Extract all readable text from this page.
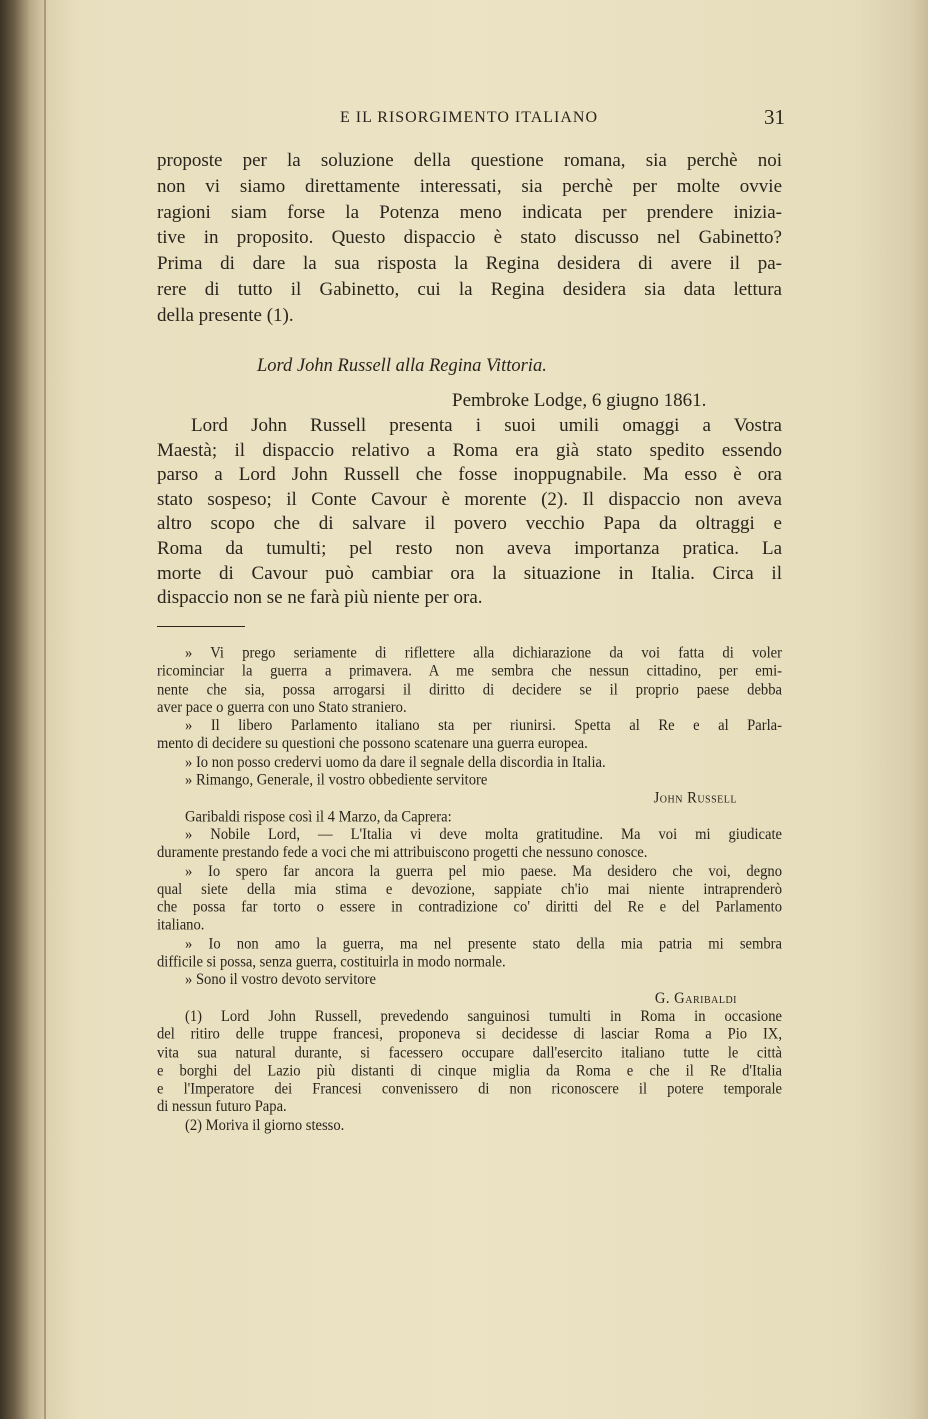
E IL RISORGIMENTO ITALIANO	31
proposte per la soluzione della questione romana, sia perchè noi
non vi siamo direttamente interessati, sia perchè per molte ovvie
ragioni siam forse la Potenza meno indicata per prendere inizia-
tive in proposito. Questo dispaccio è stato discusso nel Gabinetto?
Prima di dare la sua risposta la Regina desidera di avere il pa-
rere di tutto il Gabinetto, cui la Regina desidera sia data lettura
della presente (1).
Lord John Russell alla Regina Vittoria.
Pembroke Lodge, 6 giugno 1861.
Lord John Russell presenta i suoi umili omaggi a Vostra
Maestà; il dispaccio relativo a Roma era già stato spedito essendo
parso a Lord John Russell che fosse inoppugnabile. Ma esso è ora
stato sospeso; il Conte Cavour è morente (2). Il dispaccio non aveva
altro scopo che di salvare il povero vecchio Papa da oltraggi e
Roma da tumulti; pel resto non aveva importanza pratica. La
morte di Cavour può cambiar ora la situazione in Italia. Circa il
dispaccio non se ne farà più niente per ora.
» Vi prego seriamente di riflettere alla dichiarazione da voi fatta di voler
ricominciar la guerra a primavera. A me sembra che nessun cittadino, per emi-
nente che sia, possa arrogarsi il diritto di decidere se il proprio paese debba
aver pace o guerra con uno Stato straniero.
» Il libero Parlamento italiano sta per riunirsi. Spetta al Re e al Parla-
mento di decidere su questioni che possono scatenare una guerra europea.
» Io non posso credervi uomo da dare il segnale della discordia in Italia.
» Rimango, Generale, il vostro obbediente servitore
John Russell
Garibaldi rispose così il 4 Marzo, da Caprera:
» Nobile Lord, — L'Italia vi deve molta gratitudine. Ma voi mi giudicate
duramente prestando fede a voci che mi attribuiscono progetti che nessuno conosce.
» Io spero far ancora la guerra pel mio paese. Ma desidero che voi, degno
qual siete della mia stima e devozione, sappiate ch'io mai niente intraprenderò
che possa far torto o essere in contradizione co' diritti del Re e del Parlamento
italiano.
» Io non amo la guerra, ma nel presente stato della mia patria mi sembra
difficile si possa, senza guerra, costituirla in modo normale.
» Sono il vostro devoto servitore
G. Garibaldi
(1) Lord John Russell, prevedendo sanguinosi tumulti in Roma in occasione
del ritiro delle truppe francesi, proponeva si decidesse di lasciar Roma a Pio IX,
vita sua natural durante, si facessero occupare dall'esercito italiano tutte le città
e borghi del Lazio più distanti di cinque miglia da Roma e che il Re d'Italia
e l'Imperatore dei Francesi convenissero di non riconoscere il potere temporale
di nessun futuro Papa.
(2) Moriva il giorno stesso.
